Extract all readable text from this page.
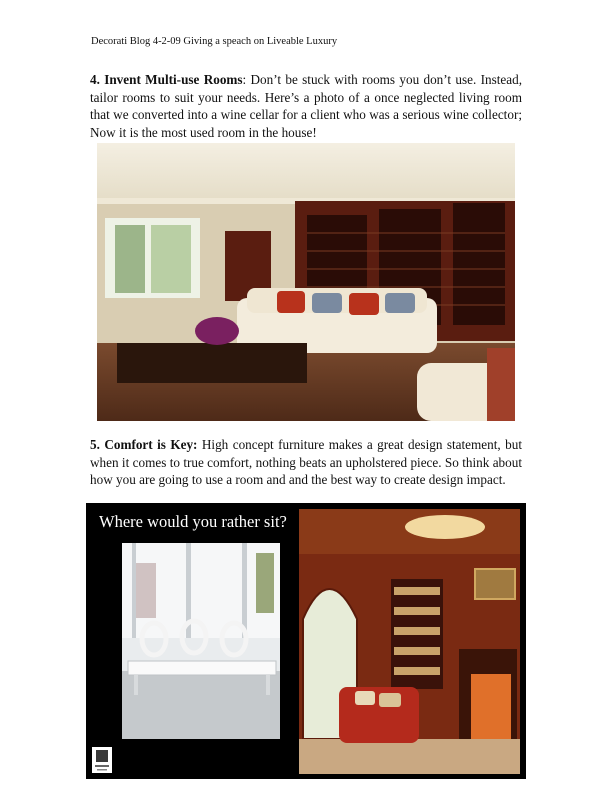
Decorati Blog 4-2-09 Giving a speach on Liveable Luxury

4. Invent Multi-use Rooms: Don’t be stuck with rooms you don’t use. Instead, tailor rooms to suit your needs. Here’s a photo of a once neglected living room that we converted into a wine cellar for a client who was a serious wine collector; Now it is the most used room in the house!

5. Comfort is Key: High concept furniture makes a great design statement, but when it comes to true comfort, nothing beats an upholstered piece. So think about how you are going to use a room and and the best way to create design impact.

Where would you rather sit?
